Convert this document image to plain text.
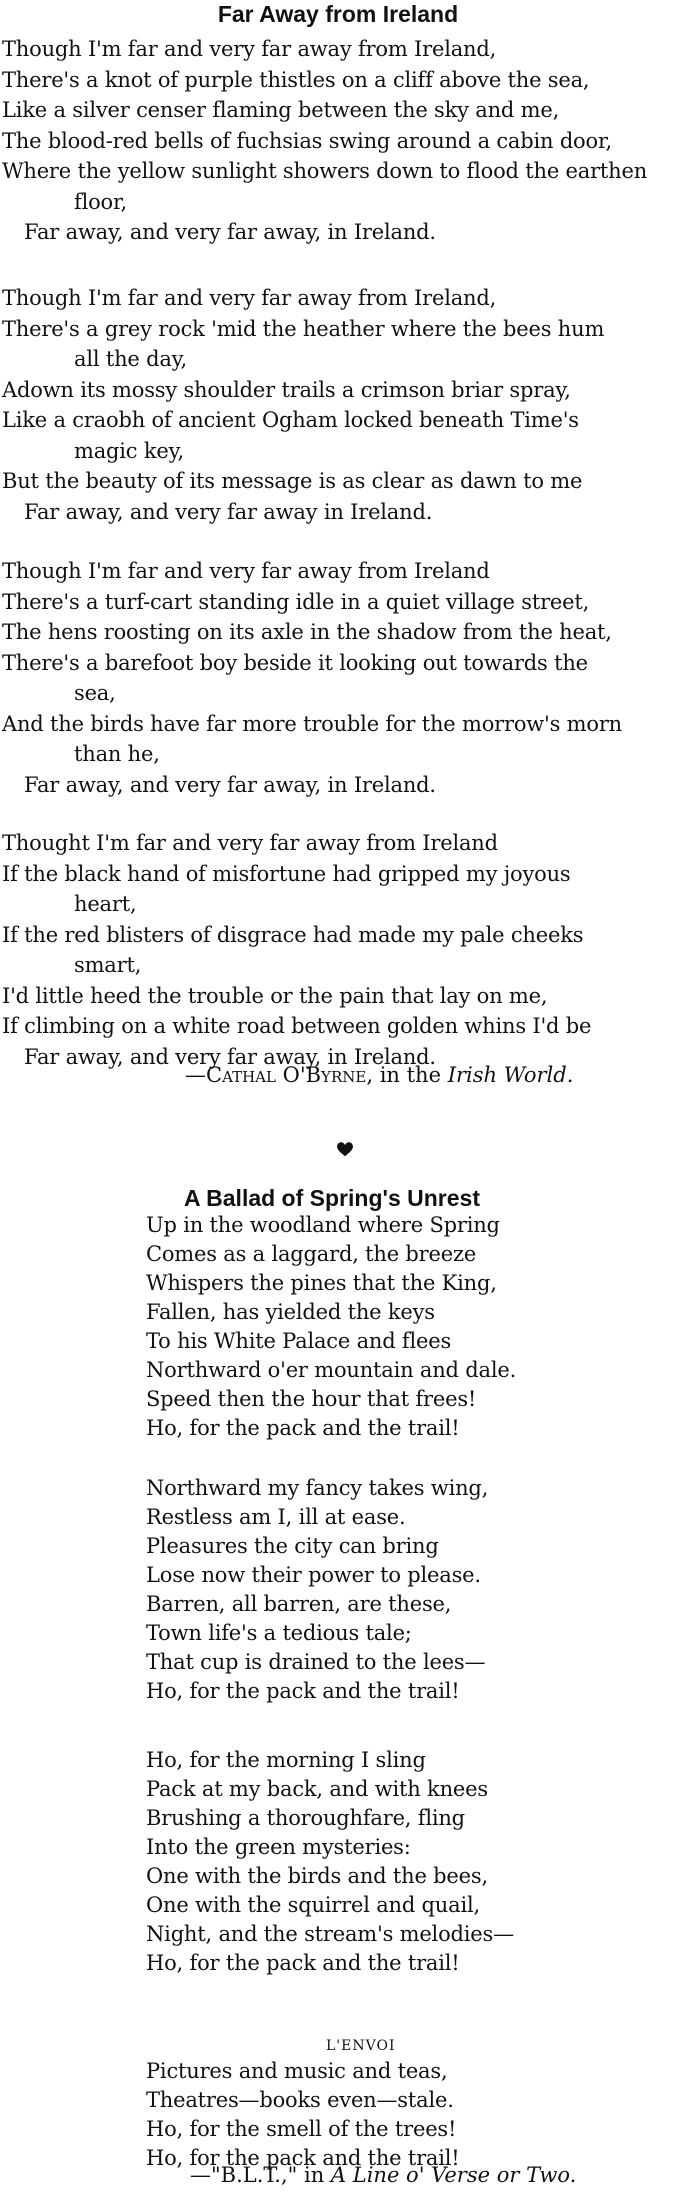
Far Away from Ireland
Though I'm far and very far away from Ireland,
There's a knot of purple thistles on a cliff above the sea,
Like a silver censer flaming between the sky and me,
The blood-red bells of fuchsias swing around a cabin door,
Where the yellow sunlight showers down to flood the earthen
floor,
Far away, and very far away, in Ireland.
Though I'm far and very far away from Ireland,
There's a grey rock 'mid the heather where the bees hum
all the day,
Adown its mossy shoulder trails a crimson briar spray,
Like a craobh of ancient Ogham locked beneath Time's
magic key,
But the beauty of its message is as clear as dawn to me
Far away, and very far away in Ireland.
Though I'm far and very far away from Ireland
There's a turf-cart standing idle in a quiet village street,
The hens roosting on its axle in the shadow from the heat,
There's a barefoot boy beside it looking out towards the
sea,
And the birds have far more trouble for the morrow's morn
than he,
Far away, and very far away, in Ireland.
Thought I'm far and very far away from Ireland
If the black hand of misfortune had gripped my joyous
heart,
If the red blisters of disgrace had made my pale cheeks
smart,
I'd little heed the trouble or the pain that lay on me,
If climbing on a white road between golden whins I'd be
Far away, and very far away, in Ireland.
—Cathal O'Byrne, in the Irish World.
A Ballad of Spring's Unrest
Up in the woodland where Spring
Comes as a laggard, the breeze
Whispers the pines that the King,
Fallen, has yielded the keys
To his White Palace and flees
Northward o'er mountain and dale.
Speed then the hour that frees!
Ho, for the pack and the trail!
Northward my fancy takes wing,
Restless am I, ill at ease.
Pleasures the city can bring
Lose now their power to please.
Barren, all barren, are these,
Town life's a tedious tale;
That cup is drained to the lees—
Ho, for the pack and the trail!
Ho, for the morning I sling
Pack at my back, and with knees
Brushing a thoroughfare, fling
Into the green mysteries:
One with the birds and the bees,
One with the squirrel and quail,
Night, and the stream's melodies—
Ho, for the pack and the trail!
L'ENVOI
Pictures and music and teas,
Theatres—books even—stale.
Ho, for the smell of the trees!
Ho, for the pack and the trail!
—"B.L.T.," in A Line o' Verse or Two.
